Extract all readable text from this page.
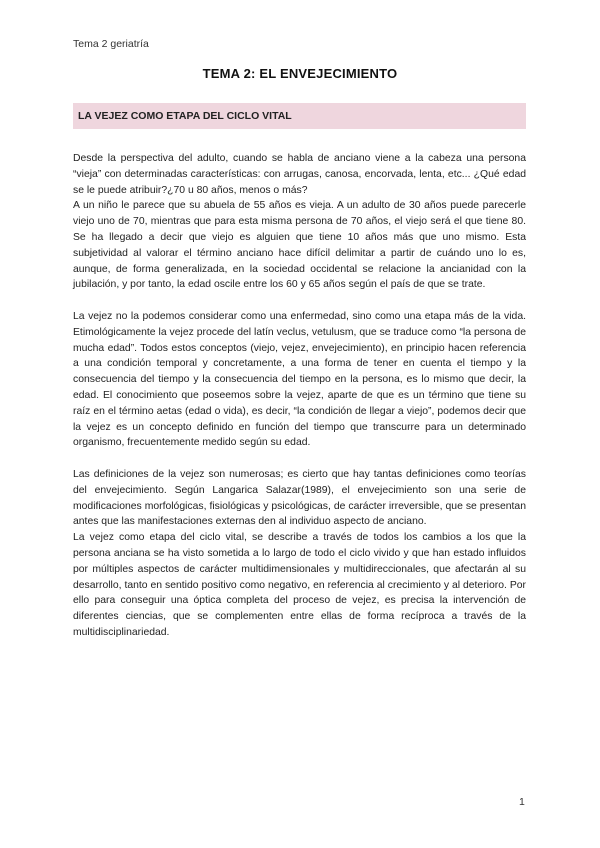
Tema 2 geriatría
TEMA 2: EL ENVEJECIMIENTO
LA VEJEZ COMO ETAPA DEL CICLO VITAL

Desde la perspectiva del adulto, cuando se habla de anciano viene a la cabeza una persona “vieja” con determinadas características: con arrugas, canosa, encorvada, lenta, etc... ¿Qué edad se le puede atribuir?¿70 u 80 años, menos o más?

A un niño le parece que su abuela de 55 años es vieja. A un adulto de 30 años puede parecerle viejo uno de 70, mientras que para esta misma persona de 70 años, el viejo será el que tiene 80. Se ha llegado a decir que viejo es alguien que tiene 10 años más que uno mismo. Esta subjetividad al valorar el término anciano hace difícil delimitar a partir de cuándo uno lo es, aunque, de forma generalizada, en la sociedad occidental se relacione la ancianidad con la jubilación, y por tanto, la edad oscile entre los 60 y 65 años según el país de que se trate.

La vejez no la podemos considerar como una enfermedad, sino como una etapa más de la vida. Etimológicamente la vejez procede del latín veclus, vetulusm, que se traduce como “la persona de mucha edad”. Todos estos conceptos (viejo, vejez, envejecimiento), en principio hacen referencia a una condición temporal y concretamente, a una forma de tener en cuenta el tiempo y la consecuencia del tiempo y la consecuencia del tiempo en la persona, es lo mismo que decir, la edad. El conocimiento que poseemos sobre la vejez, aparte de que es un término que tiene su raíz en el término aetas (edad o vida), es decir, “la condición de llegar a viejo”, podemos decir que la vejez es un concepto definido en función del tiempo que transcurre para un determinado organismo, frecuentemente medido según su edad.

Las definiciones de la vejez son numerosas; es cierto que hay tantas definiciones como teorías del envejecimiento. Según Langarica Salazar(1989), el envejecimiento son una serie de modificaciones morfológicas, fisiológicas y psicológicas, de carácter irreversible, que se presentan antes que las manifestaciones externas den al individuo aspecto de anciano.

La vejez como etapa del ciclo vital, se describe a través de todos los cambios a los que la persona anciana se ha visto sometida a lo largo de todo el ciclo vivido y que han estado influidos por múltiples aspectos de carácter multidimensionales y multidireccionales, que afectarán al su desarrollo, tanto en sentido positivo como negativo, en referencia al crecimiento y al deterioro. Por ello para conseguir una óptica completa del proceso de vejez, es precisa la intervención de diferentes ciencias, que se complementen entre ellas de forma recíproca a través de la multidisciplinariedad.

1
